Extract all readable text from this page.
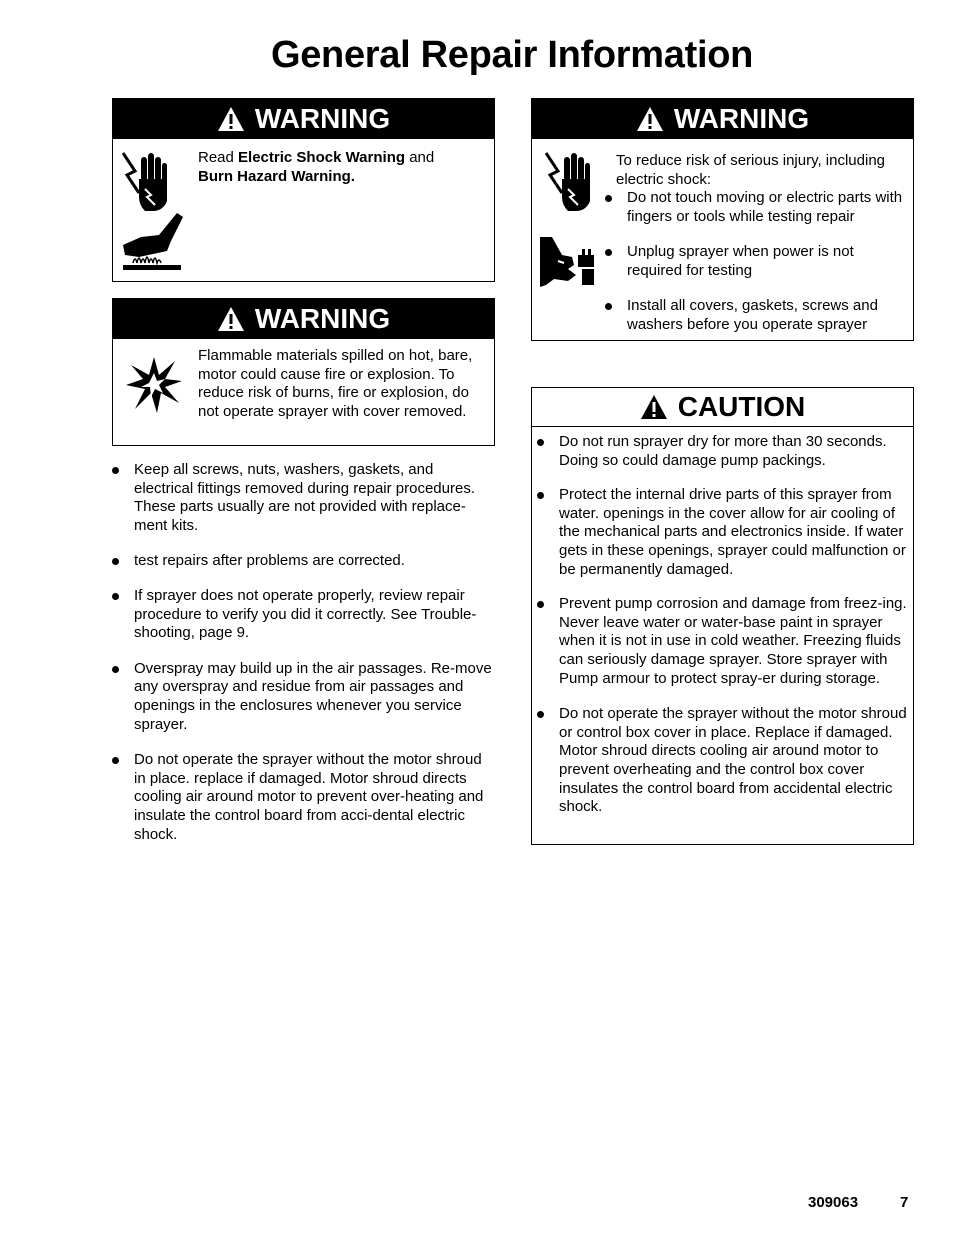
General Repair Information
WARNING
Read Electric Shock Warning and
Burn Hazard Warning.
WARNING
Flammable materials spilled on hot, bare, motor could cause fire or explosion. To reduce risk of burns, fire or explosion, do not operate sprayer with cover removed.
Keep all screws, nuts, washers, gaskets, and electrical fittings removed during repair procedures. These parts usually are not provided with replace-ment kits.
test repairs after problems are corrected.
If sprayer does not operate properly, review repair procedure to verify you did it correctly. See Trouble-shooting, page 9.
Overspray may build up in the air passages. Re-move any overspray and residue from air passages and openings in the enclosures whenever you service sprayer.
Do not operate the sprayer without the motor shroud in place. replace if damaged. Motor shroud directs cooling air around motor to prevent over-heating and insulate the control board from acci-dental electric shock.
WARNING
To reduce risk of serious injury, including electric shock:
Do not touch moving or electric parts with fingers or tools while testing repair
Unplug sprayer when power is not required for testing
Install all covers, gaskets, screws and washers before you operate sprayer
CAUTION
Do not run sprayer dry for more than 30 seconds. Doing so could damage pump packings.
Protect the internal drive parts of this sprayer from water. openings in the cover allow for air cooling of the mechanical parts and electronics inside. If water gets in these openings, sprayer could malfunction or be permanently damaged.
Prevent pump corrosion and damage from freez-ing. Never leave water or water-base paint in sprayer when it is not in use in cold weather. Freezing fluids can seriously damage sprayer. Store sprayer with Pump armour to protect spray-er during storage.
Do not operate the sprayer without the motor shroud or control box cover in place. Replace if damaged. Motor shroud directs cooling air around motor to prevent overheating and the control box cover insulates the control board from accidental electric shock.
309063	7
